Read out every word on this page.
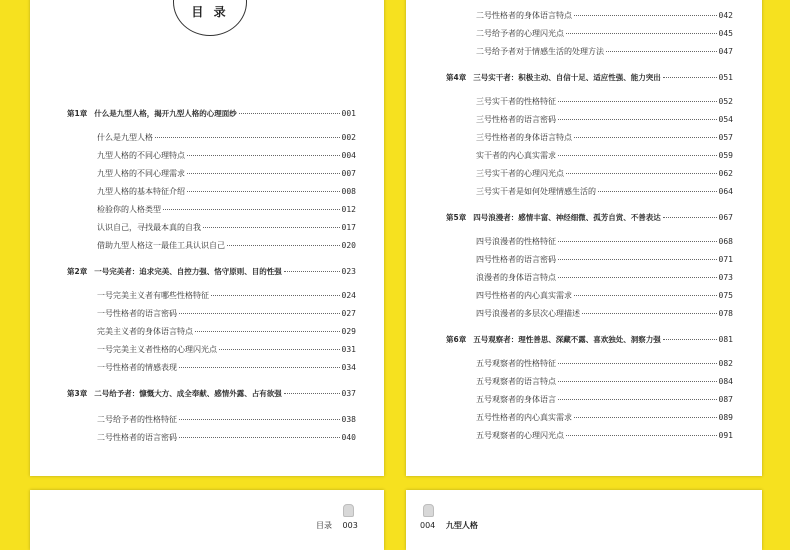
目 录
第1章 什么是九型人格，揭开九型人格的心理面纱	001
什么是九型人格	002
九型人格的不同心理特点	004
九型人格的不同心理需求	007
九型人格的基本特征介绍	008
检验你的人格类型	012
认识自己，寻找最本真的自我	017
借助九型人格这一最佳工具认识自己	020
第2章 一号完美者：追求完美、自控力强、恪守原则、目的性强	023
一号完美主义者有哪些性格特征	024
一号性格者的语言密码	027
完美主义者的身体语言特点	029
一号完美主义者性格的心理闪光点	031
一号性格者的情感表现	034
第3章 二号给予者：慷慨大方、成全奉献、感情外露、占有欲强	037
二号给予者的性格特征	038
二号性格者的语言密码	040
二号性格者的身体语言特点	042
二号给予者的心理闪光点	045
二号给予者对于情感生活的处理方法	047
第4章 三号实干者：积极主动、自信十足、适应性强、能力突出	051
三号实干者的性格特征	052
三号性格者的语言密码	054
三号性格者的身体语言特点	057
实干者的内心真实需求	059
三号实干者的心理闪光点	062
三号实干者是如何处理情感生活的	064
第5章 四号浪漫者：感情丰富、神经细微、孤芳自赏、不善表达	067
四号浪漫者的性格特征	068
四号性格者的语言密码	071
浪漫者的身体语言特点	073
四号性格者的内心真实需求	075
四号浪漫者的多层次心理描述	078
第6章 五号观察者：理性善思、深藏不露、喜欢独处、洞察力强	081
五号观察者的性格特征	082
五号观察者的语言特点	084
五号观察者的身体语言	087
五号性格者的内心真实需求	089
五号观察者的心理闪光点	091
目录 003	004 九型人格
